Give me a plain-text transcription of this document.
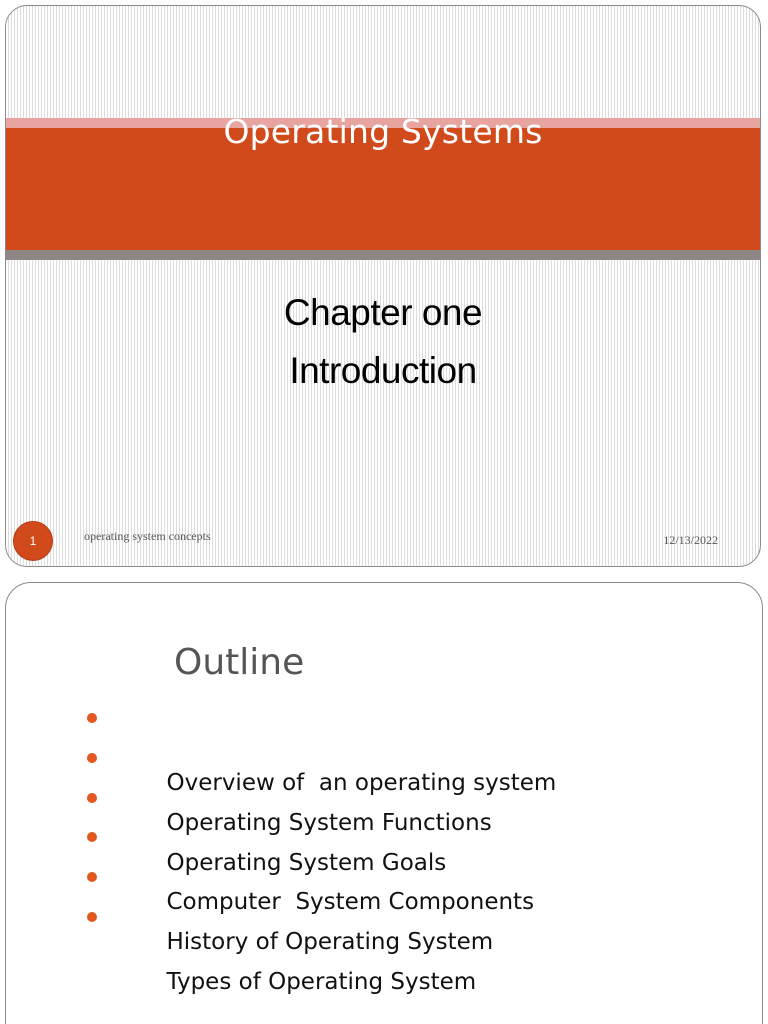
Operating Systems
Chapter one
Introduction
1	operating system concepts	12/13/2022
Outline

Overview of  an operating system

Operating System Functions

Operating System Goals

Computer  System Components

History of Operating System

Types of Operating System
